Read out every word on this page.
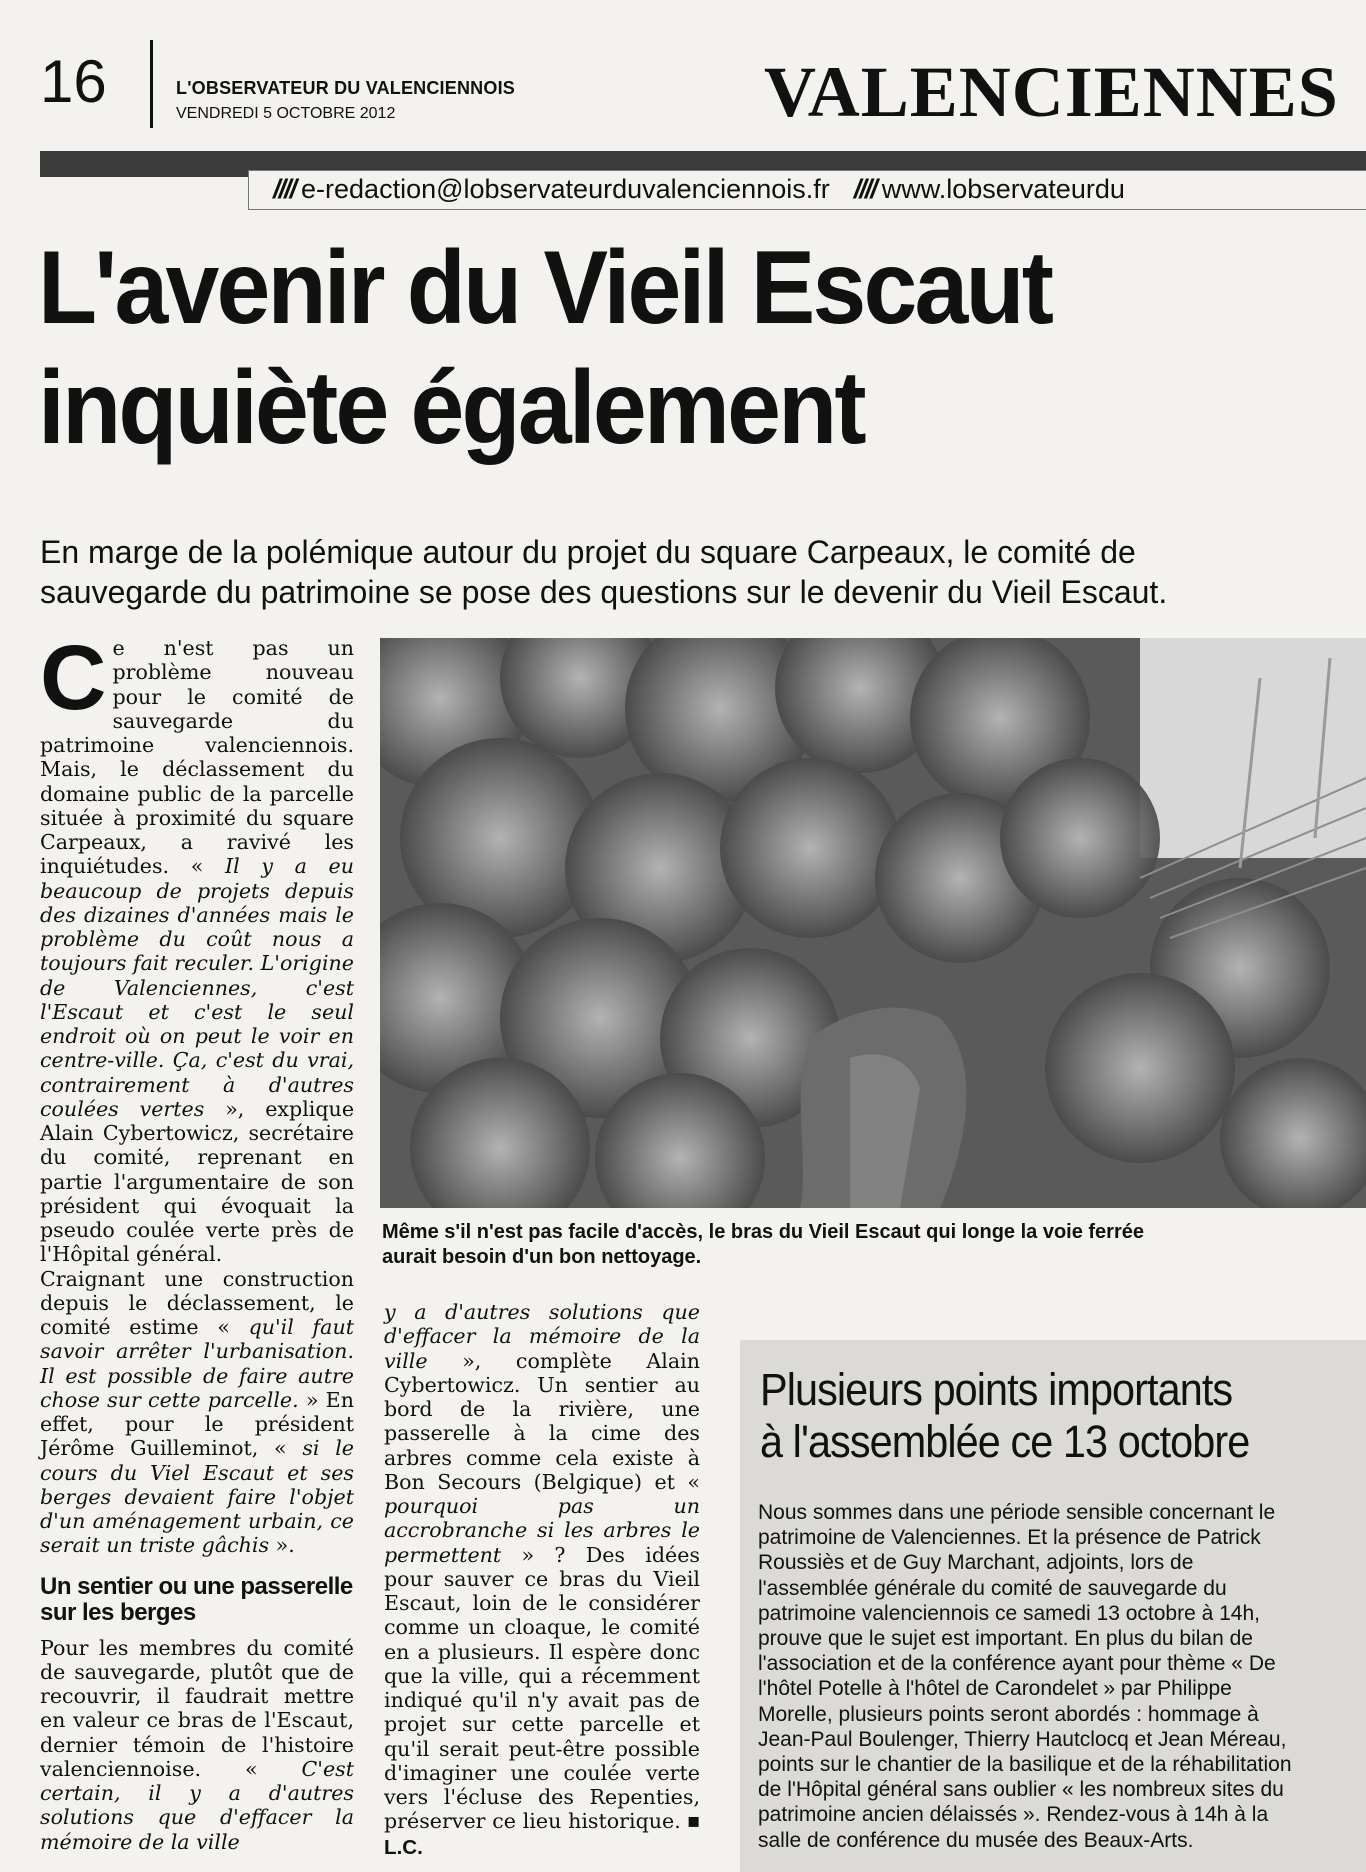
16	L'OBSERVATEUR DU VALENCIENNOIS
VENDREDI 5 OCTOBRE 2012	VALENCIENNES
//// e-redaction@lobservateurduvalenciennois.fr //// www.lobservateurdu
L'avenir du Vieil Escaut
inquiète également
En marge de la polémique autour du projet du square Carpeaux, le comité de
sauvegarde du patrimoine se pose des questions sur le devenir du Vieil Escaut.

Ce n'est pas un problème nouveau pour le comité de sauvegarde du patrimoine valenciennois. Mais, le déclassement du domaine public de la parcelle située à proximité du square Carpeaux, a ravivé les inquiétudes. « Il y a eu beaucoup de projets depuis des dizaines d'années mais le problème du coût nous a toujours fait reculer. L'origine de Valenciennes, c'est l'Escaut et c'est le seul endroit où on peut le voir en centre-ville. Ça, c'est du vrai, contrairement à d'autres coulées vertes », explique Alain Cybertowicz, secrétaire du comité, reprenant en partie l'argumentaire de son président qui évoquait la pseudo coulée verte près de l'Hôpital général.

Craignant une construction depuis le déclassement, le comité estime « qu'il faut savoir arrêter l'urbanisation. Il est possible de faire autre chose sur cette parcelle. » En effet, pour le président Jérôme Guilleminot, « si le cours du Viel Escaut et ses berges devaient faire l'objet d'un aménagement urbain, ce serait un triste gâchis ».

Un sentier ou une passerelle sur les berges

Pour les membres du comité de sauvegarde, plutôt que de recouvrir, il faudrait mettre en valeur ce bras de l'Escaut, dernier témoin de l'histoire valenciennoise. « C'est certain, il y a d'autres solutions que d'effacer la mémoire de la ville

Même s'il n'est pas facile d'accès, le bras du Vieil Escaut qui longe la voie ferrée
aurait besoin d'un bon nettoyage.

y a d'autres solutions que d'effacer la mémoire de la ville », complète Alain Cybertowicz. Un sentier au bord de la rivière, une passerelle à la cime des arbres comme cela existe à Bon Secours (Belgique) et « pourquoi pas un accrobranche si les arbres le permettent » ? Des idées pour sauver ce bras du Vieil Escaut, loin de le considérer comme un cloaque, le comité en a plusieurs. Il espère donc que la ville, qui a récemment indiqué qu'il n'y avait pas de projet sur cette parcelle et qu'il serait peut-être possible d'imaginer une coulée verte vers l'écluse des Repenties, préserver ce lieu historique. ■ L.C.

Plusieurs points importants
à l'assemblée ce 13 octobre
Nous sommes dans une période sensible concernant le
patrimoine de Valenciennes. Et la présence de Patrick
Roussiès et de Guy Marchant, adjoints, lors de
l'assemblée générale du comité de sauvegarde du
patrimoine valenciennois ce samedi 13 octobre à 14h,
prouve que le sujet est important. En plus du bilan de
l'association et de la conférence ayant pour thème « De
l'hôtel Potelle à l'hôtel de Carondelet » par Philippe
Morelle, plusieurs points seront abordés : hommage à
Jean-Paul Boulenger, Thierry Hautclocq et Jean Méreau,
points sur le chantier de la basilique et de la réhabilitation
de l'Hôpital général sans oublier « les nombreux sites du
patrimoine ancien délaissés ». Rendez-vous à 14h à la
salle de conférence du musée des Beaux-Arts.
